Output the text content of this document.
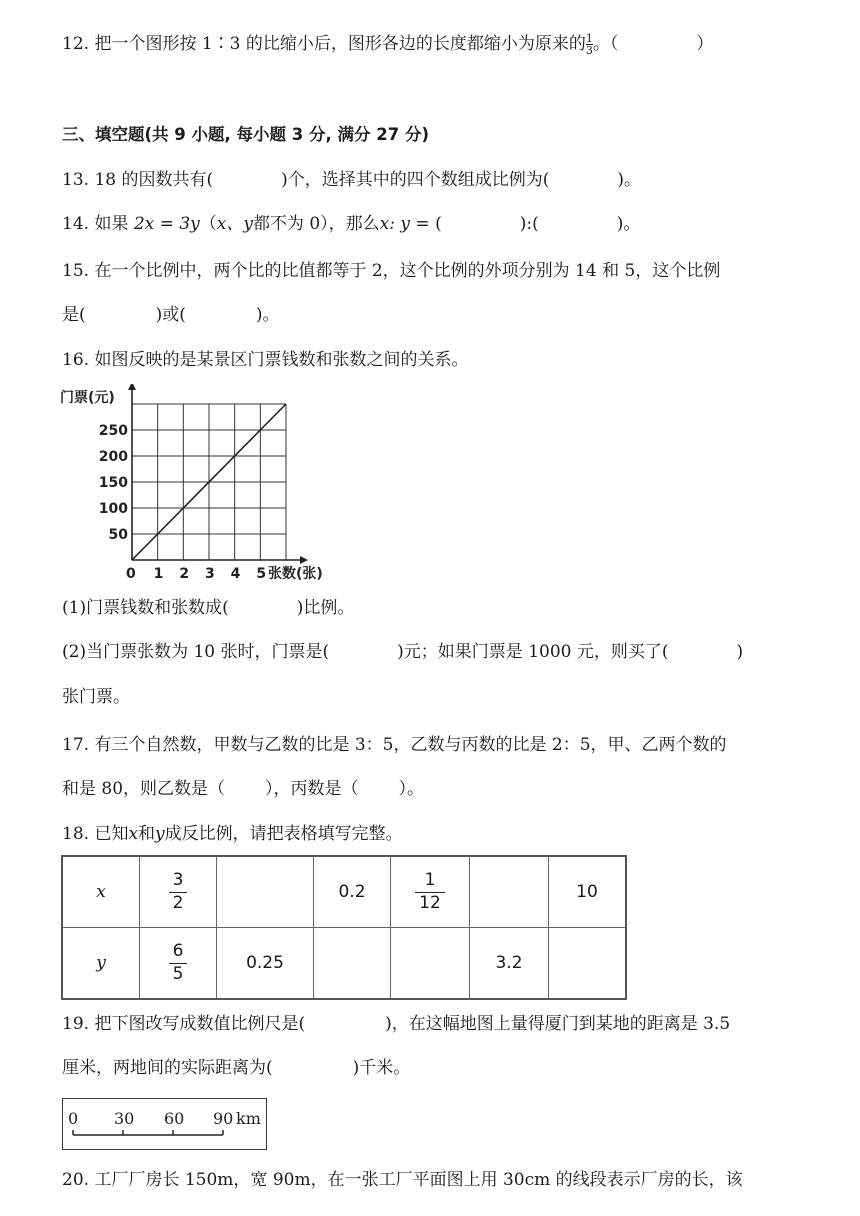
12. 把一个图形按 1∶3 的比缩小后，图形各边的长度都缩小为原来的 $\frac{1}{3}$ 。（	）
三、填空题(共 9 小题, 每小题 3 分, 满分 27 分)
13. 18 的因数共有(	)个，选择其中的四个数组成比例为(	)。
14. 如果 2x = 3y（x、y都不为 0），那么x: y = (	):(	)。
15. 在一个比例中，两个比的比值都等于 2，这个比例的外项分别为 14 和 5，这个比例
是(	)或(	)。
16. 如图反映的是某景区门票钱数和张数之间的关系。
门票(元)
张数(张)
0 1 2 3 4 5
50
100
150
200
250
(1)门票钱数和张数成(	)比例。
(2)当门票张数为 10 张时，门票是(	)元；如果门票是 1000 元，则买了(	)
张门票。
17. 有三个自然数，甲数与乙数的比是 3：5，乙数与丙数的比是 2：5，甲、乙两个数的
和是 80，则乙数是（ ），丙数是（ ）。
18. 已知x和y成反比例，请把表格填写完整。
x	$\frac{3}{2}$		0.2	$\frac{1}{12}$		10
y	$\frac{6}{5}$	0.25			3.2	
19. 把下图改写成数值比例尺是(	)，在这幅地图上量得厦门到某地的距离是 3.5
厘米，两地间的实际距离为(	)千米。
0 30 60 90 km
20. 工厂厂房长 150m，宽 90m，在一张工厂平面图上用 30cm 的线段表示厂房的长，该
